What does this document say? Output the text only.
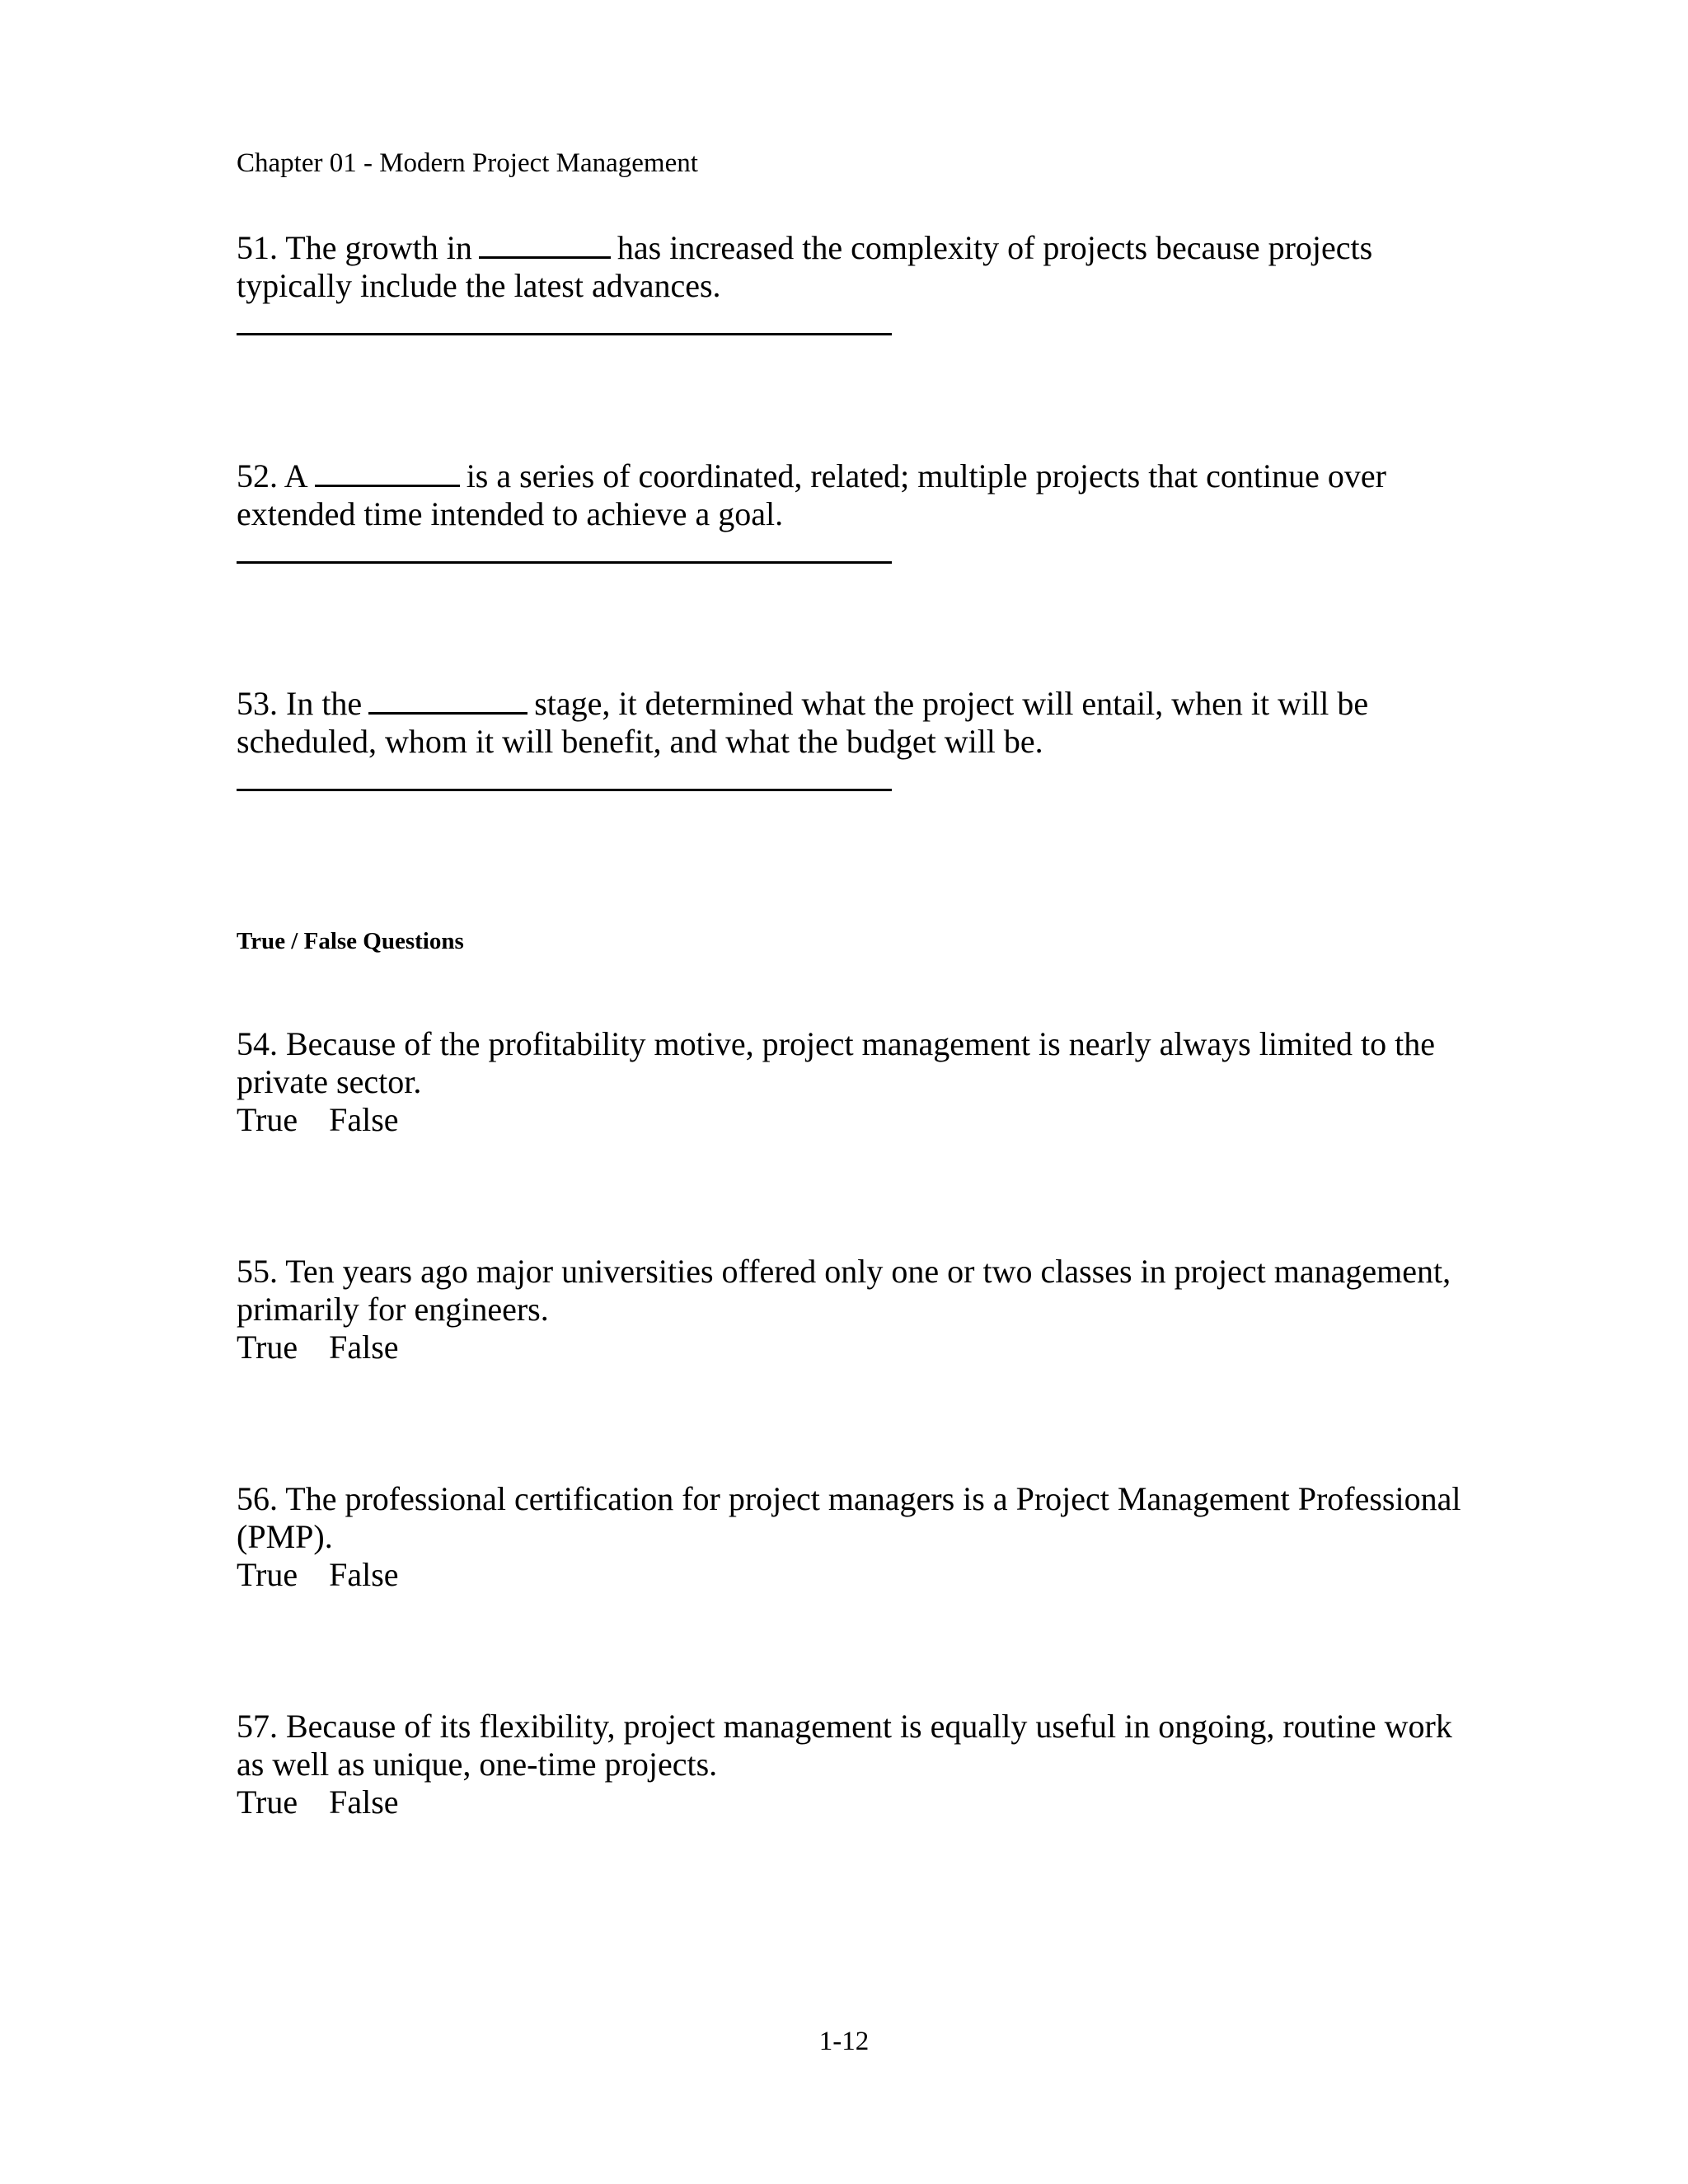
Chapter 01 - Modern Project Management
51. The growth in	has increased the complexity of projects because projects
typically include the latest advances.
52. A	is a series of coordinated, related; multiple projects that continue over
extended time intended to achieve a goal.
53. In the	stage, it determined what the project will entail, when it will be
scheduled, whom it will benefit, and what the budget will be.
True / False Questions
54. Because of the profitability motive, project management is nearly always limited to the
private sector.
True False
55. Ten years ago major universities offered only one or two classes in project management,
primarily for engineers.
True False
56. The professional certification for project managers is a Project Management Professional
(PMP).
True False
57. Because of its flexibility, project management is equally useful in ongoing, routine work
as well as unique, one-time projects.
True False
1-12
